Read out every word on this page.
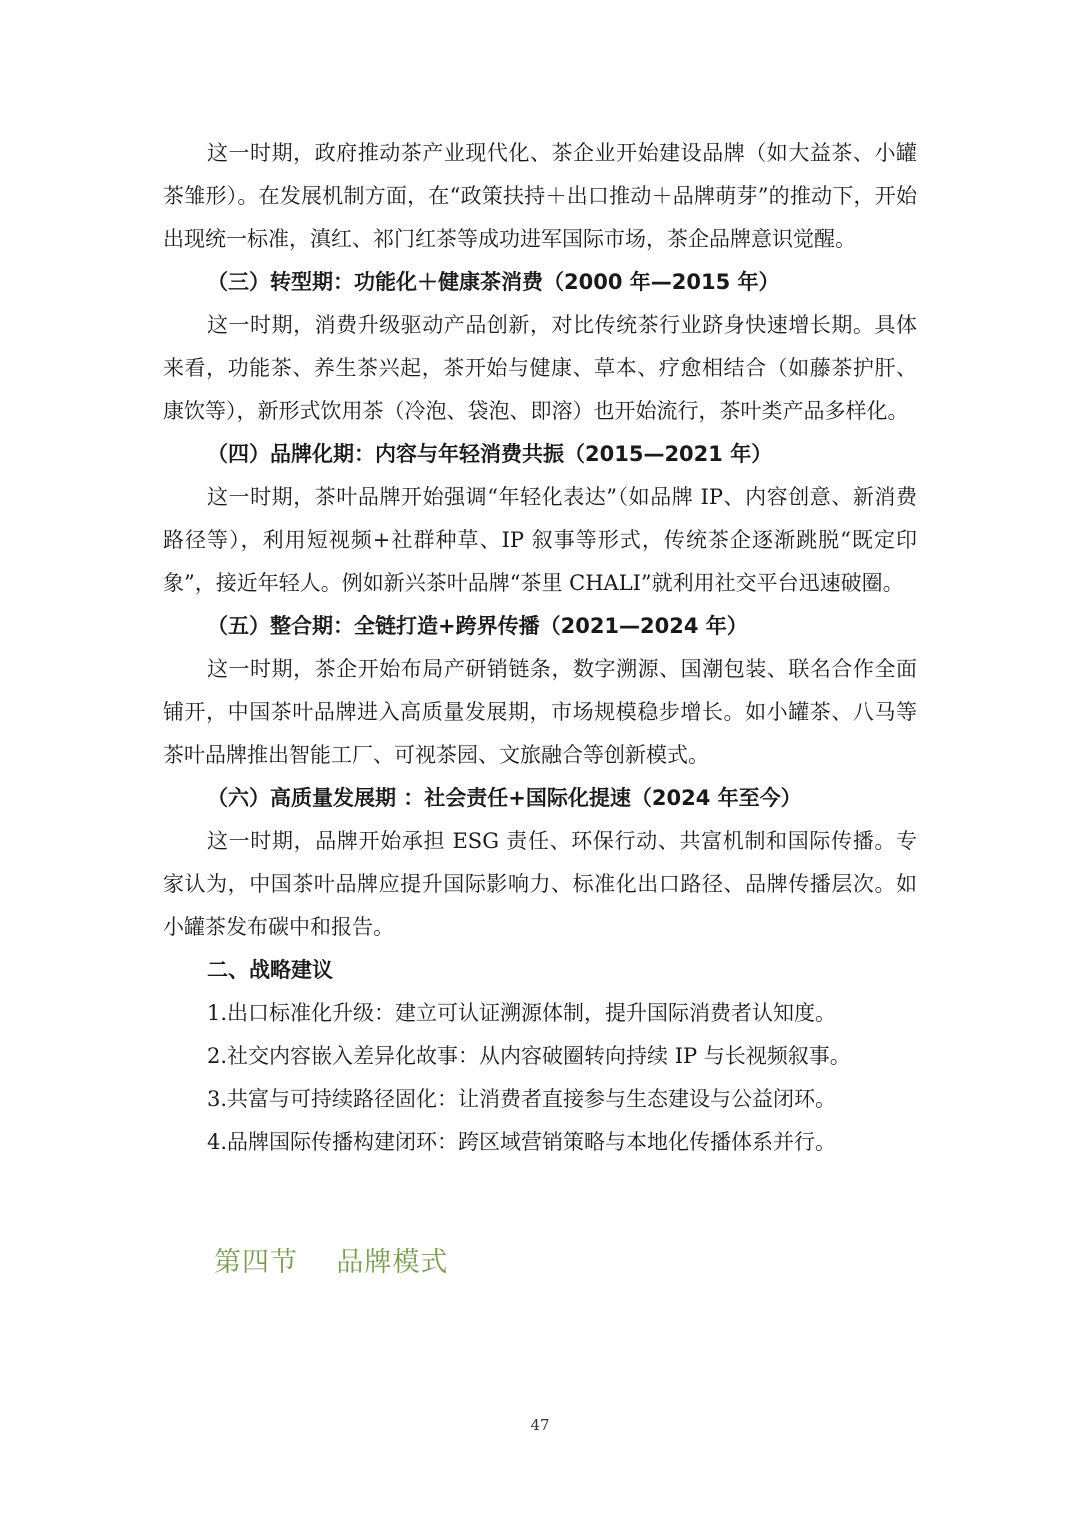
这一时期，政府推动茶产业现代化、茶企业开始建设品牌（如大益茶、小罐茶雏形）。在发展机制方面，在“政策扶持＋出口推动＋品牌萌芽”的推动下，开始出现统一标准，滇红、祁门红茶等成功进军国际市场，茶企品牌意识觉醒。

（三）转型期：功能化＋健康茶消费（2000 年—2015 年）

这一时期，消费升级驱动产品创新，对比传统茶行业跻身快速增长期。具体来看，功能茶、养生茶兴起，茶开始与健康、草本、疗愈相结合（如藤茶护肝、康饮等），新形式饮用茶（冷泡、袋泡、即溶）也开始流行，茶叶类产品多样化。

（四）品牌化期：内容与年轻消费共振（2015—2021 年）

这一时期，茶叶品牌开始强调“年轻化表达”（如品牌 IP、内容创意、新消费路径等），利用短视频+社群种草、IP 叙事等形式，传统茶企逐渐跳脱“既定印象”，接近年轻人。例如新兴茶叶品牌“茶里 CHALI”就利用社交平台迅速破圈。

（五）整合期：全链打造+跨界传播（2021—2024 年）

这一时期，茶企开始布局产研销链条，数字溯源、国潮包装、联名合作全面铺开，中国茶叶品牌进入高质量发展期，市场规模稳步增长。如小罐茶、八马等茶叶品牌推出智能工厂、可视茶园、文旅融合等创新模式。

（六）高质量发展期 ：社会责任+国际化提速（2024 年至今）

这一时期，品牌开始承担 ESG 责任、环保行动、共富机制和国际传播。专家认为，中国茶叶品牌应提升国际影响力、标准化出口路径、品牌传播层次。如小罐茶发布碳中和报告。

二、战略建议

1.出口标准化升级：建立可认证溯源体制，提升国际消费者认知度。

2.社交内容嵌入差异化故事：从内容破圈转向持续 IP 与长视频叙事。

3.共富与可持续路径固化：让消费者直接参与生态建设与公益闭环。

4.品牌国际传播构建闭环：跨区域营销策略与本地化传播体系并行。

第四节    品牌模式
47
